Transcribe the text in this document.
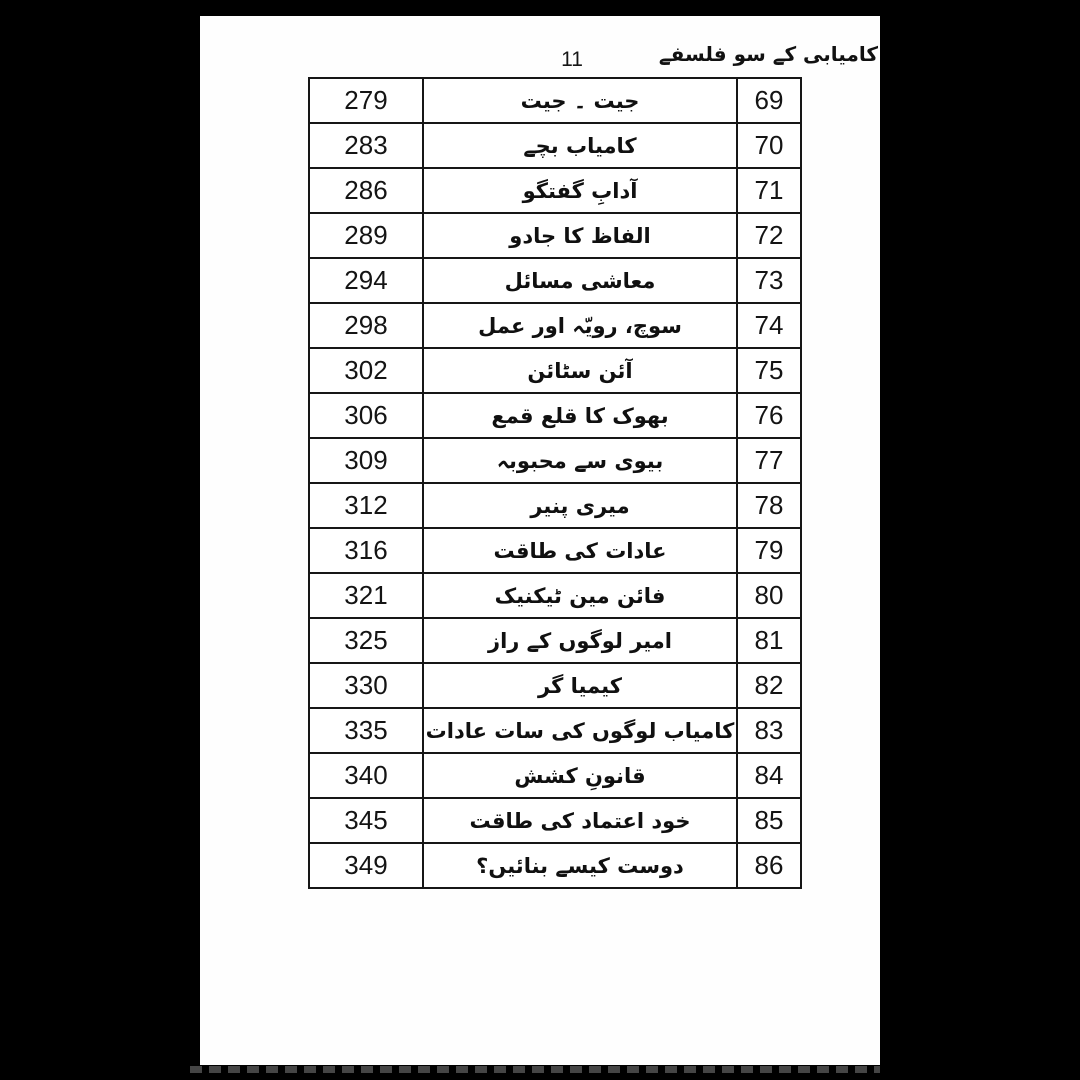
11	کامیابی کے سو فلسفے
279	جیت ۔ جیت	69
283	کامیاب بچے	70
286	آدابِ گفتگو	71
289	الفاظ کا جادو	72
294	معاشی مسائل	73
298	سوچ، رویّہ اور عمل	74
302	آئن سٹائن	75
306	بھوک کا قلع قمع	76
309	بیوی سے محبوبہ	77
312	میری پنیر	78
316	عادات کی طاقت	79
321	فائن مین ٹیکنیک	80
325	امیر لوگوں کے راز	81
330	کیمیا گر	82
335	کامیاب لوگوں کی سات عادات	83
340	قانونِ کشش	84
345	خود اعتماد کی طاقت	85
349	دوست کیسے بنائیں؟	86
